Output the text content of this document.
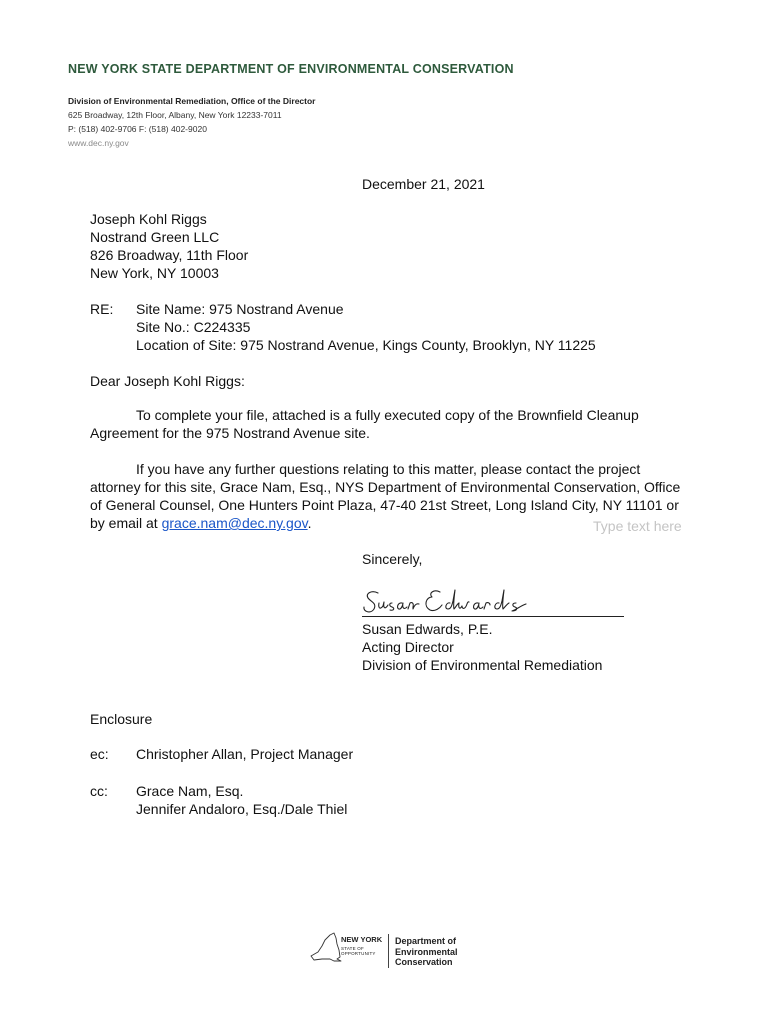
NEW YORK STATE DEPARTMENT OF ENVIRONMENTAL CONSERVATION
Division of Environmental Remediation, Office of the Director
625 Broadway, 12th Floor, Albany, New York 12233-7011
P: (518) 402-9706 F: (518) 402-9020
www.dec.ny.gov
December 21, 2021
Joseph Kohl Riggs
Nostrand Green LLC
826 Broadway, 11th Floor
New York, NY 10003
RE: Site Name: 975 Nostrand Avenue
Site No.: C224335
Location of Site: 975 Nostrand Avenue, Kings County, Brooklyn, NY 11225
Dear Joseph Kohl Riggs:
To complete your file, attached is a fully executed copy of the Brownfield Cleanup Agreement for the 975 Nostrand Avenue site.
If you have any further questions relating to this matter, please contact the project attorney for this site, Grace Nam, Esq., NYS Department of Environmental Conservation, Office of General Counsel, One Hunters Point Plaza, 47-40 21st Street, Long Island City, NY 11101 or by email at grace.nam@dec.ny.gov.	Type text here
Sincerely,
Susan Edwards, P.E.
Acting Director
Division of Environmental Remediation
Enclosure
ec: Christopher Allan, Project Manager
cc: Grace Nam, Esq.
Jennifer Andaloro, Esq./Dale Thiel
NEW YORK
STATE OF
OPPORTUNITY
Department of
Environmental
Conservation
